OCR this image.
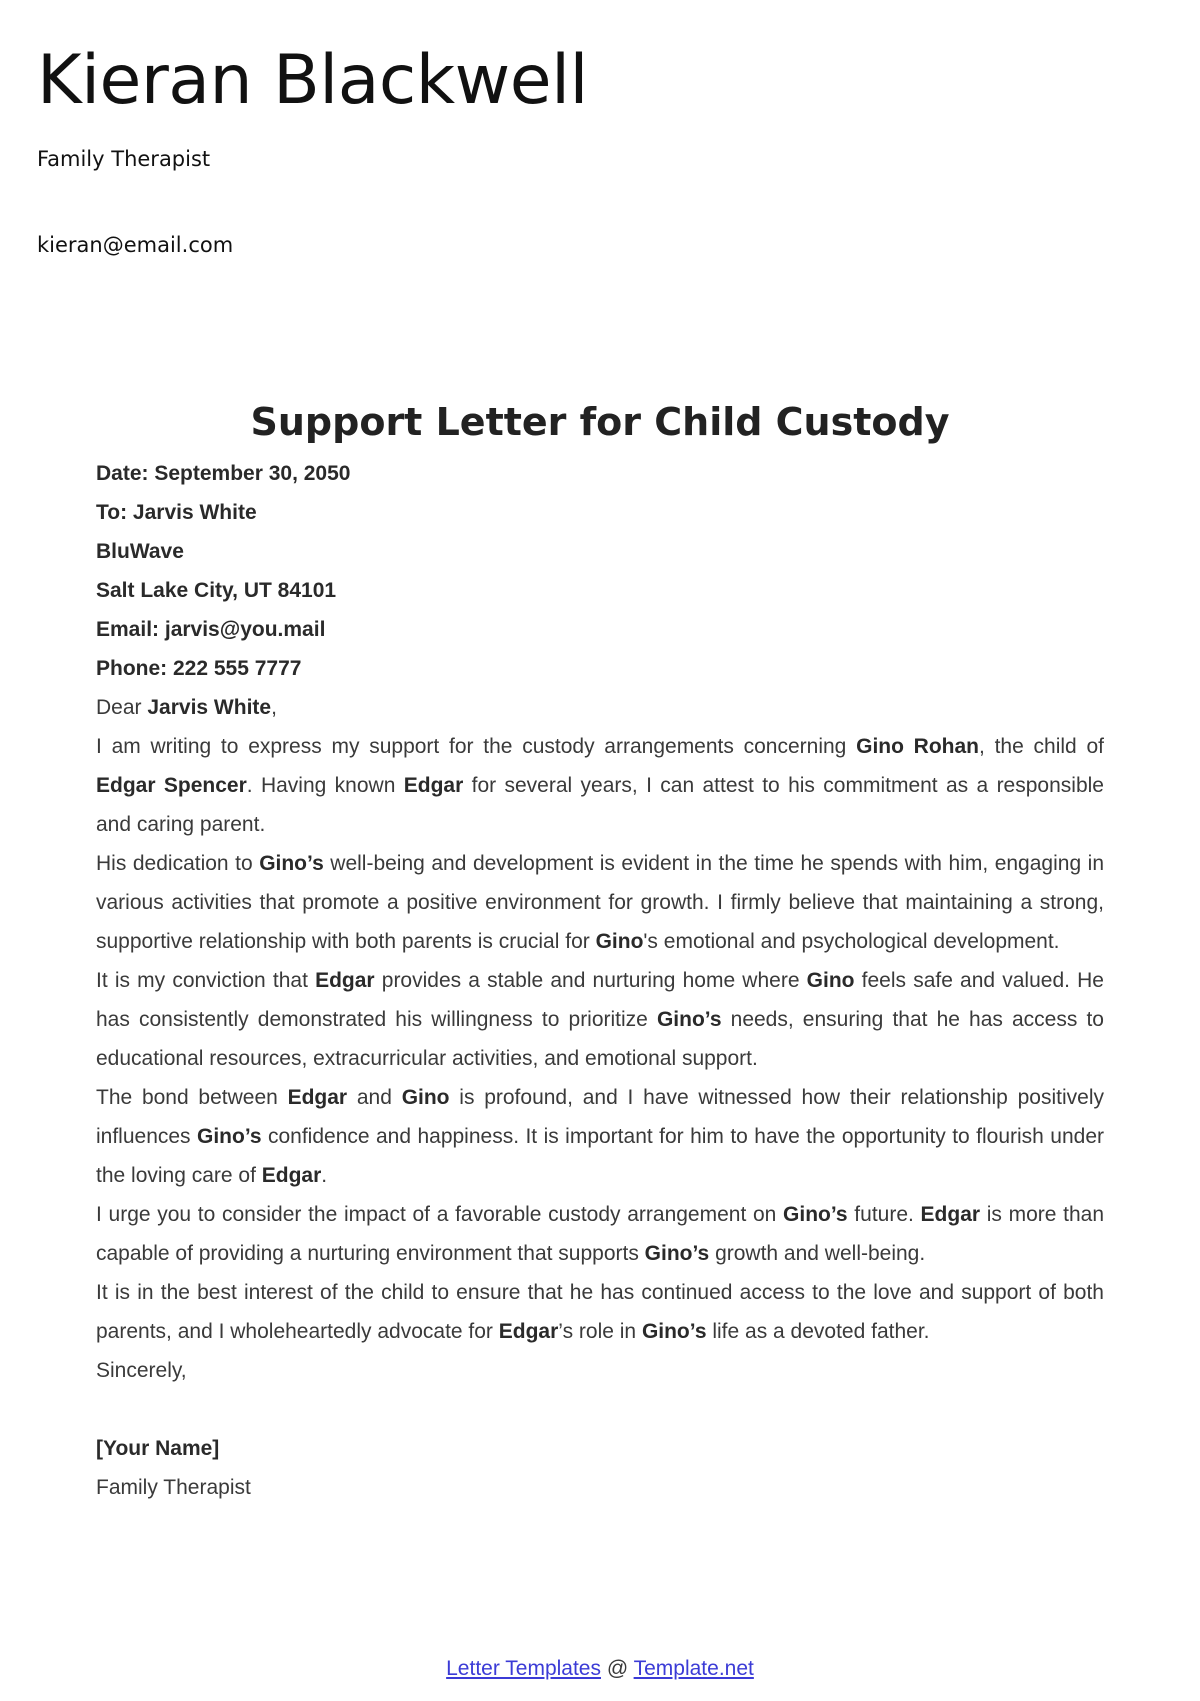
Kieran Blackwell
Family Therapist
kieran@email.com
Support Letter for Child Custody
Date: September 30, 2050
To: Jarvis White
BluWave
Salt Lake City, UT 84101
Email: jarvis@you.mail
Phone: 222 555 7777
Dear Jarvis White,

I am writing to express my support for the custody arrangements concerning Gino Rohan, the child of Edgar Spencer. Having known Edgar for several years, I can attest to his commitment as a responsible and caring parent.

His dedication to Gino’s well-being and development is evident in the time he spends with him, engaging in various activities that promote a positive environment for growth. I firmly believe that maintaining a strong, supportive relationship with both parents is crucial for Gino's emotional and psychological development.

It is my conviction that Edgar provides a stable and nurturing home where Gino feels safe and valued. He has consistently demonstrated his willingness to prioritize Gino’s needs, ensuring that he has access to educational resources, extracurricular activities, and emotional support.

The bond between Edgar and Gino is profound, and I have witnessed how their relationship positively influences Gino’s confidence and happiness. It is important for him to have the opportunity to flourish under the loving care of Edgar.

I urge you to consider the impact of a favorable custody arrangement on Gino’s future. Edgar is more than capable of providing a nurturing environment that supports Gino’s growth and well-being.

It is in the best interest of the child to ensure that he has continued access to the love and support of both parents, and I wholeheartedly advocate for Edgar’s role in Gino’s life as a devoted father.

Sincerely,
[Your Name]
Family Therapist
Letter Templates @ Template.net
